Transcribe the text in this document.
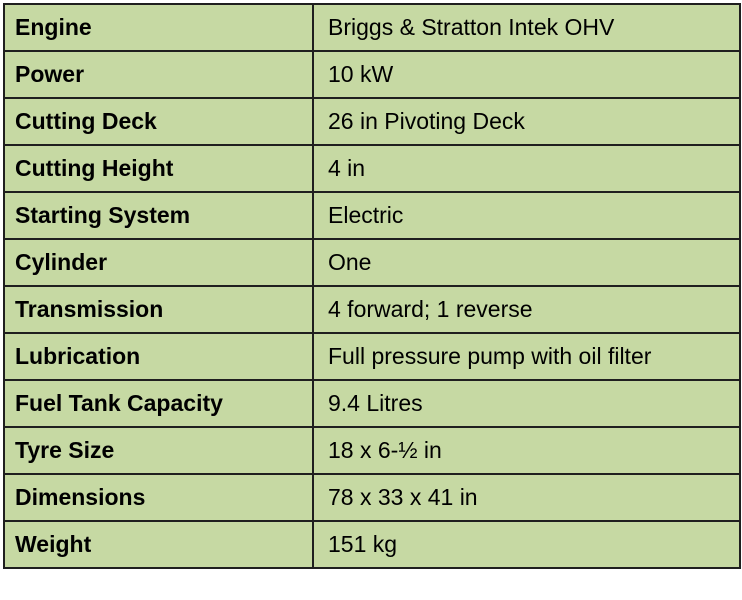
Engine	Briggs & Stratton Intek OHV
Power	10 kW
Cutting Deck	26 in Pivoting Deck
Cutting Height	4 in
Starting System	Electric
Cylinder	One
Transmission	4 forward; 1 reverse
Lubrication	Full pressure pump with oil filter
Fuel Tank Capacity	9.4 Litres
Tyre Size	18 x 6-½ in
Dimensions	78 x 33 x 41 in
Weight	151 kg
